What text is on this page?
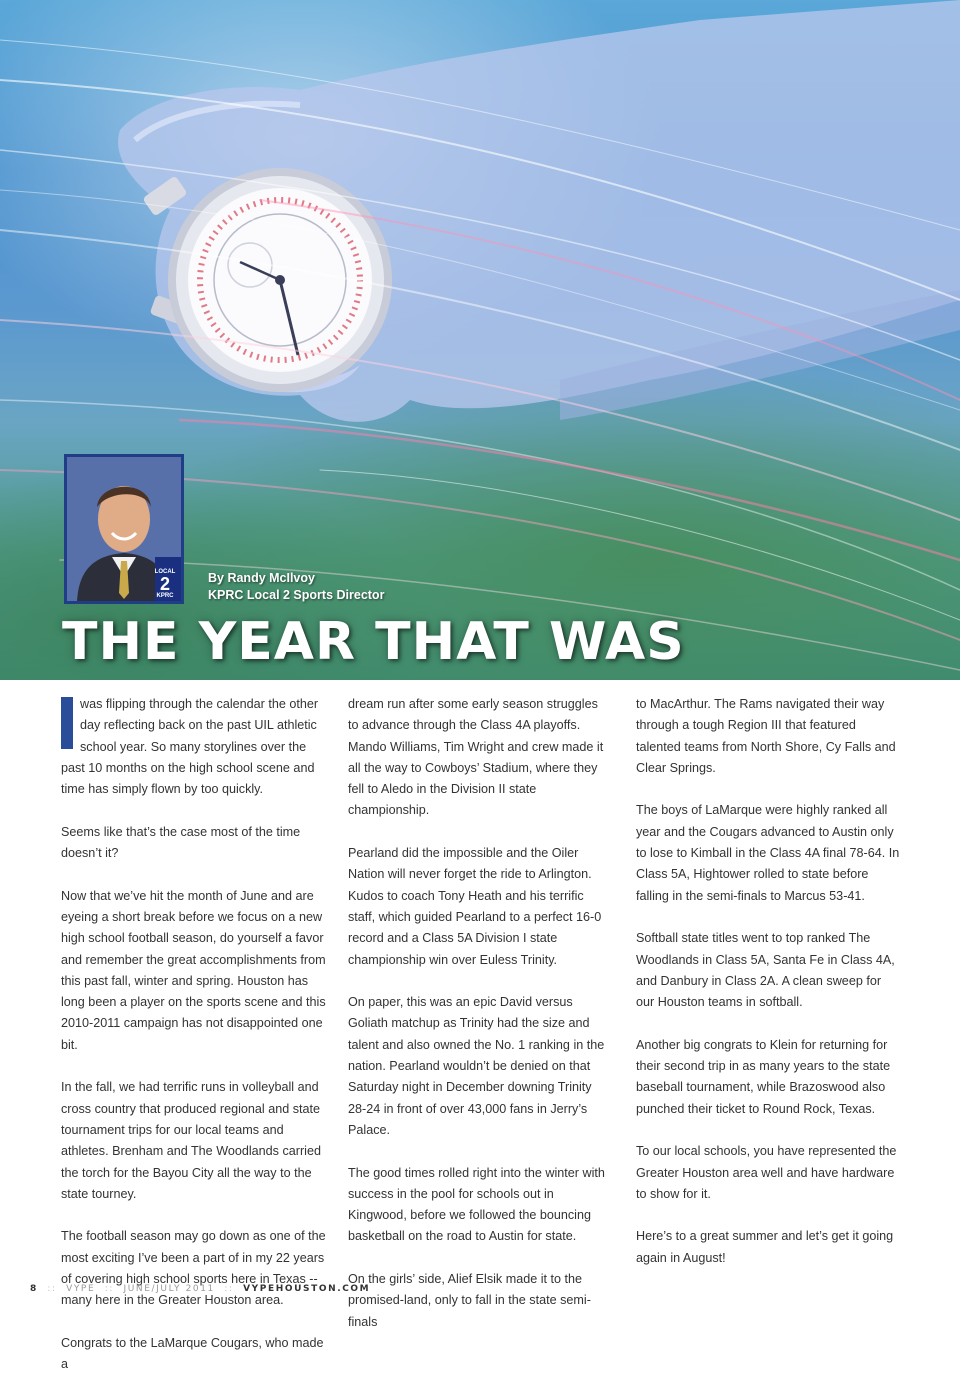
LOCAL
2
KPRC
By Randy McIlvoy
KPRC Local 2 Sports Director
THE YEAR THAT WAS

was flipping through the calendar the other day reflecting back on the past UIL athletic school year. So many storylines over the past 10 months on the high school scene and time has simply flown by too quickly.

Seems like that’s the case most of the time doesn’t it?

Now that we’ve hit the month of June and are eyeing a short break before we focus on a new high school football season, do yourself a favor and remember the great accomplishments from this past fall, winter and spring. Houston has long been a player on the sports scene and this 2010-2011 campaign has not disappointed one bit.

In the fall, we had terrific runs in volleyball and cross country that produced regional and state tournament trips for our local teams and athletes. Brenham and The Woodlands carried the torch for the Bayou City all the way to the state tourney.

The football season may go down as one of the most exciting I’ve been a part of in my 22 years of covering high school sports here in Texas -- many here in the Greater Houston area.

Congrats to the LaMarque Cougars, who made a

dream run after some early season struggles to advance through the Class 4A playoffs. Mando Williams, Tim Wright and crew made it all the way to Cowboys’ Stadium, where they fell to Aledo in the Division II state championship.

Pearland did the impossible and the Oiler Nation will never forget the ride to Arlington. Kudos to coach Tony Heath and his terrific staff, which guided Pearland to a perfect 16-0 record and a Class 5A Division I state championship win over Euless Trinity.

On paper, this was an epic David versus Goliath matchup as Trinity had the size and talent and also owned the No. 1 ranking in the nation. Pearland wouldn’t be denied on that Saturday night in December downing Trinity 28-24 in front of over 43,000 fans in Jerry’s Palace.

The good times rolled right into the winter with success in the pool for schools out in Kingwood, before we followed the bouncing basketball on the road to Austin for state.

On the girls’ side, Alief Elsik made it to the promised-land, only to fall in the state semi-finals

to MacArthur. The Rams navigated their way through a tough Region III that featured talented teams from North Shore, Cy Falls and Clear Springs.

The boys of LaMarque were highly ranked all year and the Cougars advanced to Austin only to lose to Kimball in the Class 4A final 78-64. In Class 5A, Hightower rolled to state before falling in the semi-finals to Marcus 53-41.

Softball state titles went to top ranked The Woodlands in Class 5A, Santa Fe in Class 4A, and Danbury in Class 2A. A clean sweep for our Houston teams in softball.

Another big congrats to Klein for returning for their second trip in as many years to the state baseball tournament, while Brazoswood also punched their ticket to Round Rock, Texas.

To our local schools, you have represented the Greater Houston area well and have hardware to show for it.

Here’s to a great summer and let’s get it going again in August!

8 :: VYPE :: JUNE/JULY 2011 :: VYPEHOUSTON.COM
